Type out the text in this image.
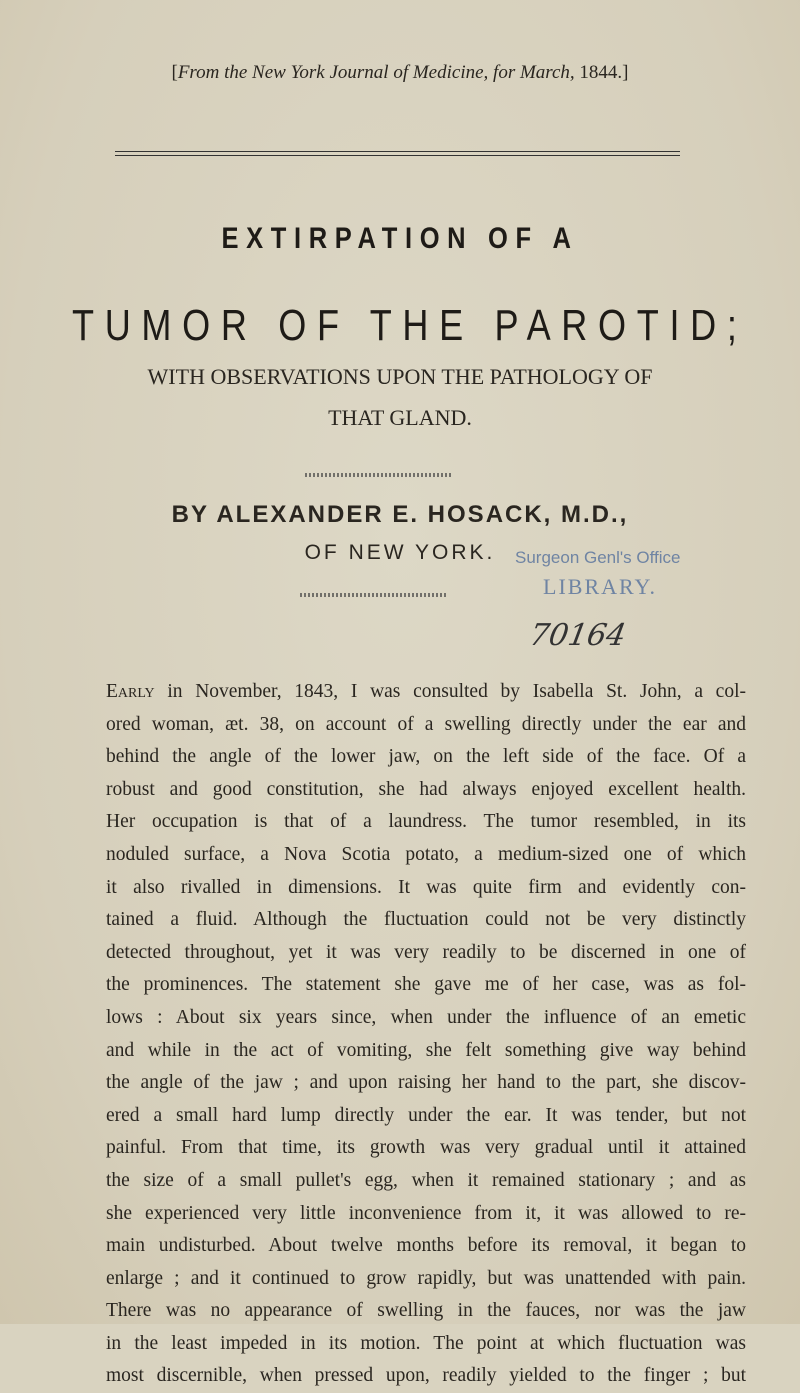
[From the New York Journal of Medicine, for March, 1844.]
EXTIRPATION OF A
TUMOR OF THE PAROTID;
WITH OBSERVATIONS UPON THE PATHOLOGY OF
THAT GLAND.
BY ALEXANDER E. HOSACK, M.D.,
OF NEW YORK. Surgeon Genl's Office
LIBRARY.
70164
Early in November, 1843, I was consulted by Isabella St. John, a col-
ored woman, æt. 38, on account of a swelling directly under the ear and
behind the angle of the lower jaw, on the left side of the face. Of a
robust and good constitution, she had always enjoyed excellent health.
Her occupation is that of a laundress. The tumor resembled, in its
noduled surface, a Nova Scotia potato, a medium-sized one of which
it also rivalled in dimensions. It was quite firm and evidently con-
tained a fluid. Although the fluctuation could not be very distinctly
detected throughout, yet it was very readily to be discerned in one of
the prominences. The statement she gave me of her case, was as fol-
lows : About six years since, when under the influence of an emetic
and while in the act of vomiting, she felt something give way behind
the angle of the jaw ; and upon raising her hand to the part, she discov-
ered a small hard lump directly under the ear. It was tender, but not
painful. From that time, its growth was very gradual until it attained
the size of a small pullet's egg, when it remained stationary ; and as
she experienced very little inconvenience from it, it was allowed to re-
main undisturbed. About twelve months before its removal, it began to
enlarge ; and it continued to grow rapidly, but was unattended with pain.
There was no appearance of swelling in the fauces, nor was the jaw
in the least impeded in its motion. The point at which fluctuation was
most discernible, when pressed upon, readily yielded to the finger ; but
